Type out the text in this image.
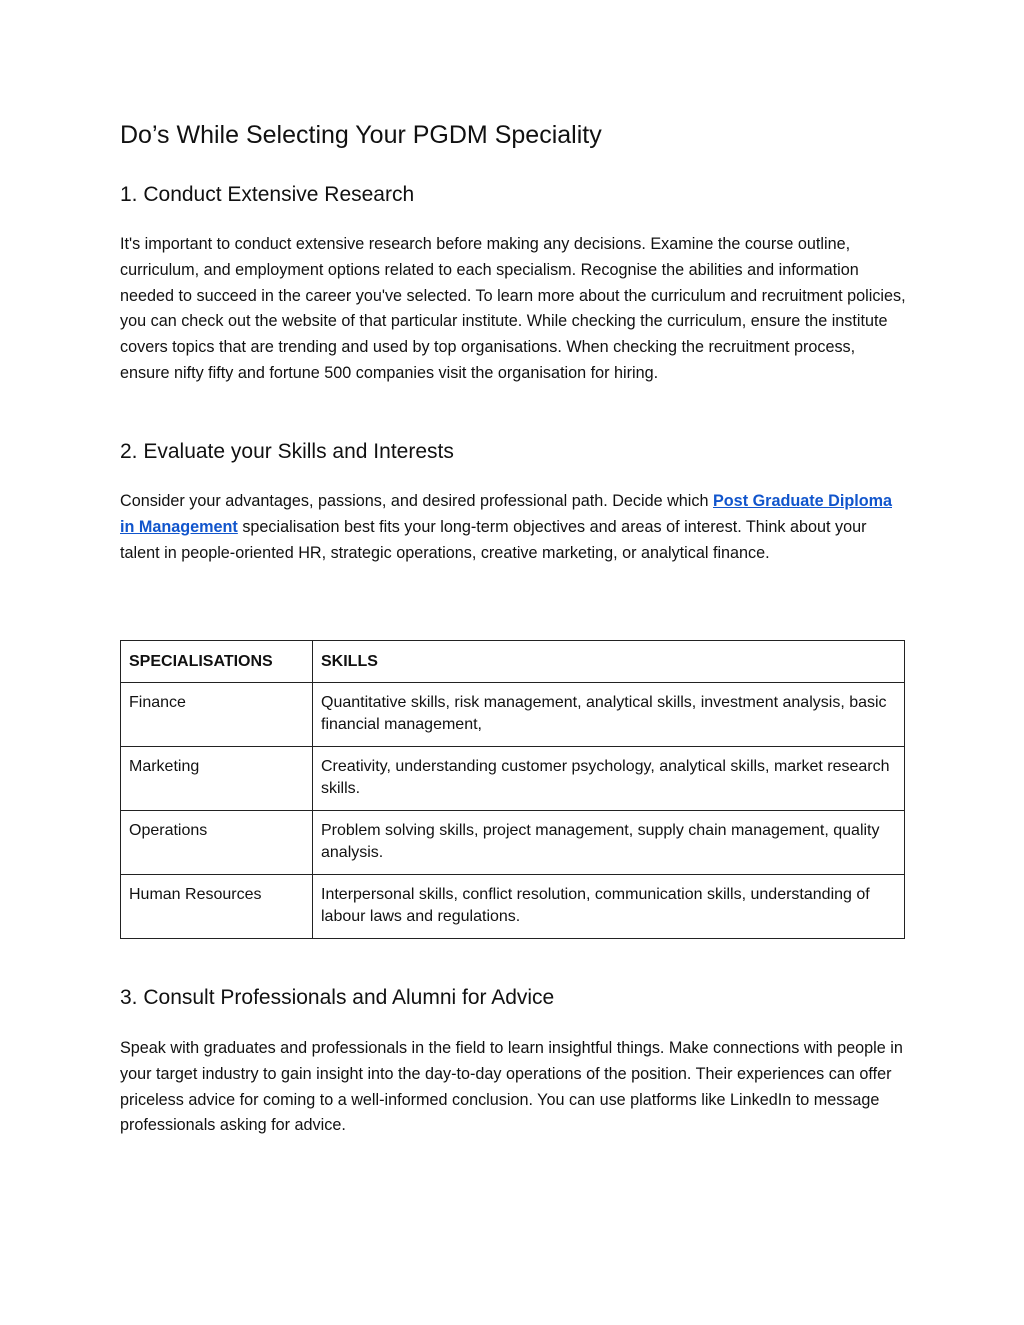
Do’s While Selecting Your PGDM Speciality
1. Conduct Extensive Research

It's important to conduct extensive research before making any decisions. Examine the course outline, curriculum, and employment options related to each specialism. Recognise the abilities and information needed to succeed in the career you've selected. To learn more about the curriculum and recruitment policies, you can check out the website of that particular institute. While checking the curriculum, ensure the institute covers topics that are trending and used by top organisations. When checking the recruitment process, ensure nifty fifty and fortune 500 companies visit the organisation for hiring.

2. Evaluate your Skills and Interests

Consider your advantages, passions, and desired professional path. Decide which Post Graduate Diploma in Management specialisation best fits your long-term objectives and areas of interest. Think about your talent in people-oriented HR, strategic operations, creative marketing, or analytical finance.

SPECIALISATIONS	SKILLS
Finance	Quantitative skills, risk management, analytical skills, investment analysis, basic financial management,
Marketing	Creativity, understanding customer psychology, analytical skills, market research skills.
Operations	Problem solving skills, project management, supply chain management, quality analysis.
Human Resources	Interpersonal skills, conflict resolution, communication skills, understanding of labour laws and regulations.
3. Consult Professionals and Alumni for Advice

Speak with graduates and professionals in the field to learn insightful things. Make connections with people in your target industry to gain insight into the day-to-day operations of the position. Their experiences can offer priceless advice for coming to a well-informed conclusion. You can use platforms like LinkedIn to message professionals asking for advice.
